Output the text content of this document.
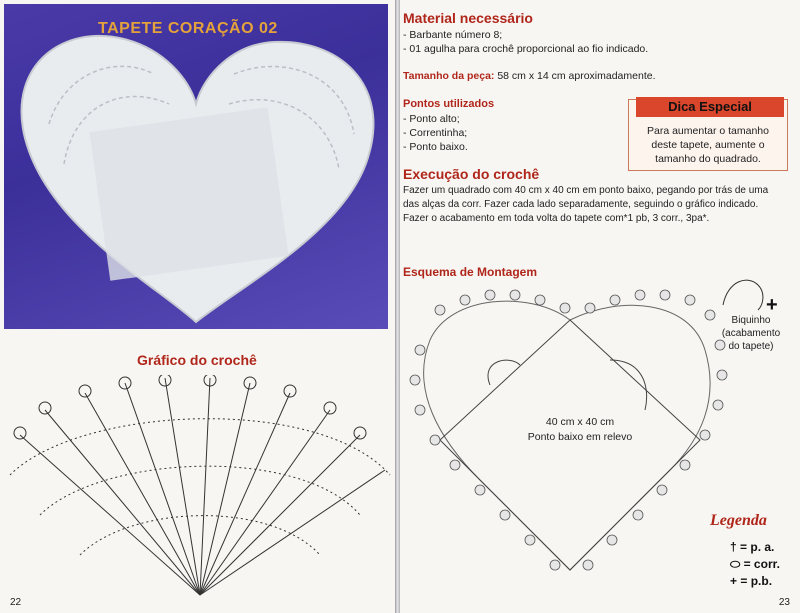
TAPETE CORAÇÃO 02
Gráfico do crochê
22
Material necessário
- Barbante número 8;
- 01 agulha para crochê proporcional ao fio indicado.
Tamanho da peça: 58 cm x 14 cm aproximadamente.
Pontos utilizados
- Ponto alto;
- Correntinha;
- Ponto baixo.
Dica Especial
Para aumentar o tamanho
deste tapete, aumente o
tamanho do quadrado.
Execução do crochê
Fazer um quadrado com 40 cm x 40 cm em ponto baixo, pegando por trás de uma
das alças da corr. Fazer cada lado separadamente, seguindo o gráfico indicado.
Fazer o acabamento em toda volta do tapete com*1 pb, 3 corr., 3pa*.
Esquema de Montagem
40 cm x 40 cm
Ponto baixo em relevo
+
Biquinho
(acabamento
do tapete)
Legenda
† = p. a.
⬭ = corr.
+ = p.b.
23
